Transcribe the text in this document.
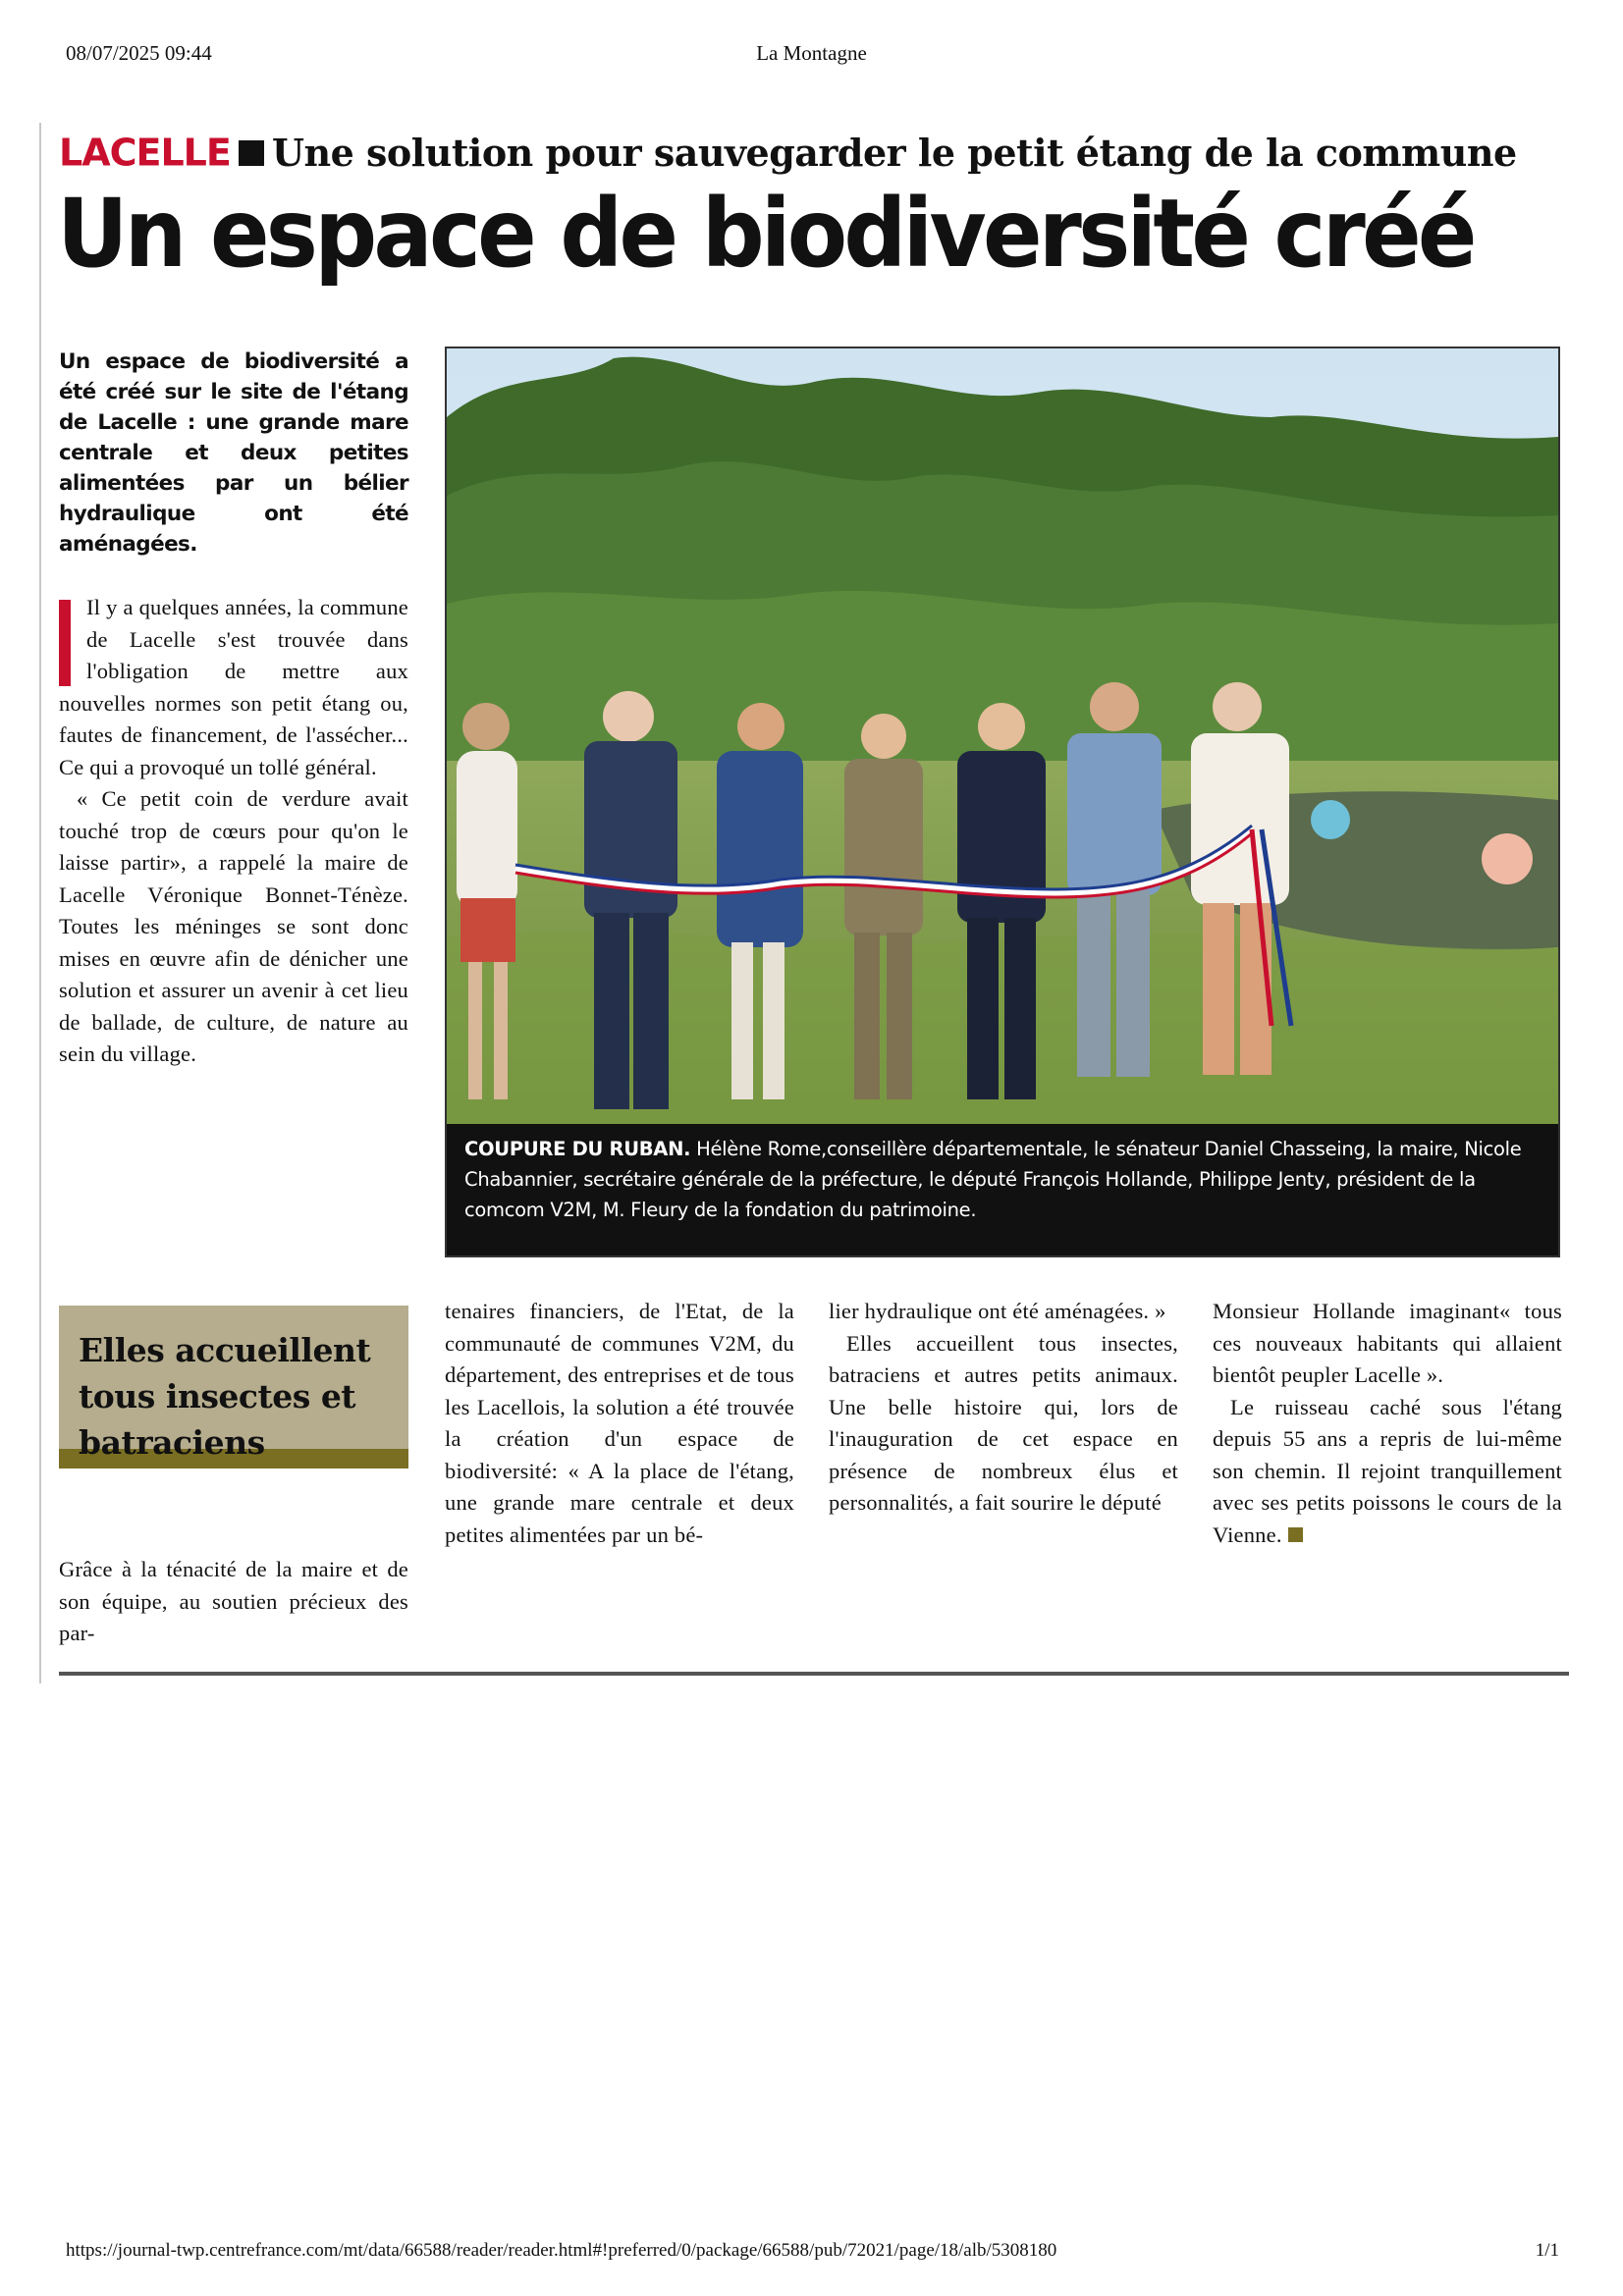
08/07/2025 09:44	La Montagne
LACELLE Une solution pour sauvegarder le petit étang de la commune
Un espace de biodiversité créé

Un espace de biodiversité a été créé sur le site de l'étang de Lacelle : une grande mare centrale et deux petites alimentées par un bélier hydraulique ont été aménagées.

Il y a quelques années, la commune de Lacelle s'est trouvée dans l'obligation de mettre aux nouvelles normes son petit étang ou, fautes de financement, de l'assécher... Ce qui a provoqué un tollé général.

« Ce petit coin de verdure avait touché trop de cœurs pour qu'on le laisse partir», a rappelé la maire de Lacelle Véronique Bonnet-Ténèze. Toutes les méninges se sont donc mises en œuvre afin de dénicher une solution et assurer un avenir à cet lieu de ballade, de culture, de nature au sein du village.

COUPURE DU RUBAN. Hélène Rome,conseillère départementale, le sénateur Daniel Chasseing, la maire, Nicole Chabannier, secrétaire générale de la préfecture, le député François Hollande, Philippe Jenty, président de la comcom V2M, M. Fleury de la fondation du patrimoine.
Elles accueillent tous insectes et batraciens

Grâce à la ténacité de la maire et de son équipe, au soutien précieux des par-

tenaires financiers, de l'Etat, de la communauté de communes V2M, du département, des entreprises et de tous les Lacellois, la solution a été trouvée la création d'un espace de biodiversité: « A la place de l'étang, une grande mare centrale et deux petites alimentées par un bé-

lier hydraulique ont été aménagées. »

Elles accueillent tous insectes, batraciens et autres petits animaux. Une belle histoire qui, lors de l'inauguration de cet espace en présence de nombreux élus et personnalités, a fait sourire le député

Monsieur Hollande imaginant« tous ces nouveaux habitants qui allaient bientôt peupler Lacelle ».

Le ruisseau caché sous l'étang depuis 55 ans a repris de lui-même son chemin. Il rejoint tranquillement avec ses petits poissons le cours de la Vienne.

https://journal-twp.centrefrance.com/mt/data/66588/reader/reader.html#!preferred/0/package/66588/pub/72021/page/18/alb/5308180	1/1
